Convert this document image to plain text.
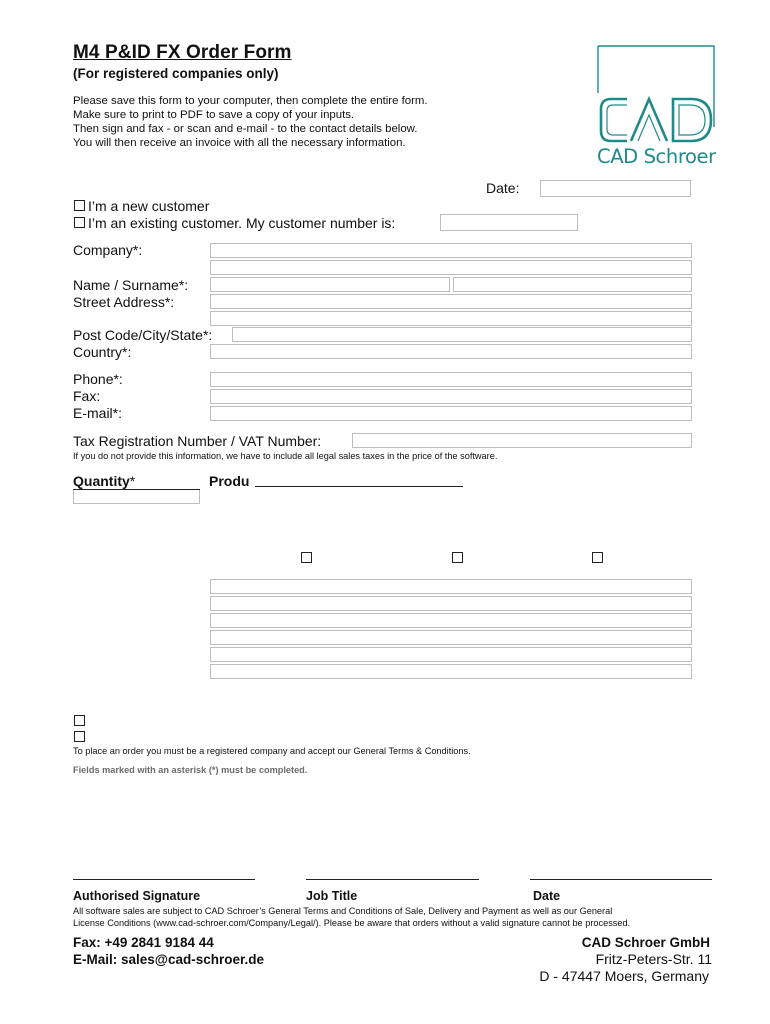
M4 P&ID FX Order Form
(For registered companies only)
Please save this form to your computer, then complete the entire form.
Make sure to print to PDF to save a copy of your inputs.
Then sign and fax - or scan and e-mail - to the contact details below.
You will then receive an invoice with all the necessary information.
CAD Schroer
Date:
I’m a new customer
I’m an existing customer. My customer number is:
Company*:
Name / Surname*:
Street Address*:
Post Code/City/State*:
Country*:
Phone*:
Fax:
E-mail*:
Tax Registration Number / VAT Number:
If you do not provide this information, we have to include all legal sales taxes in the price of the software.
Quantity*	Produ
To place an order you must be a registered company and accept our General Terms & Conditions.
Fields marked with an asterisk (*) must be completed.
Authorised Signature	Job Title	Date
All software sales are subject to CAD Schroer’s General Terms and Conditions of Sale, Delivery and Payment as well as our General
License Conditions (www.cad-schroer.com/Company/Legal/). Please be aware that orders without a valid signature cannot be processed.
Fax: +49 2841 9184 44
E-Mail: sales@cad-schroer.de
CAD Schroer GmbH
Fritz-Peters-Str. 11
D - 47447 Moers, Germany
